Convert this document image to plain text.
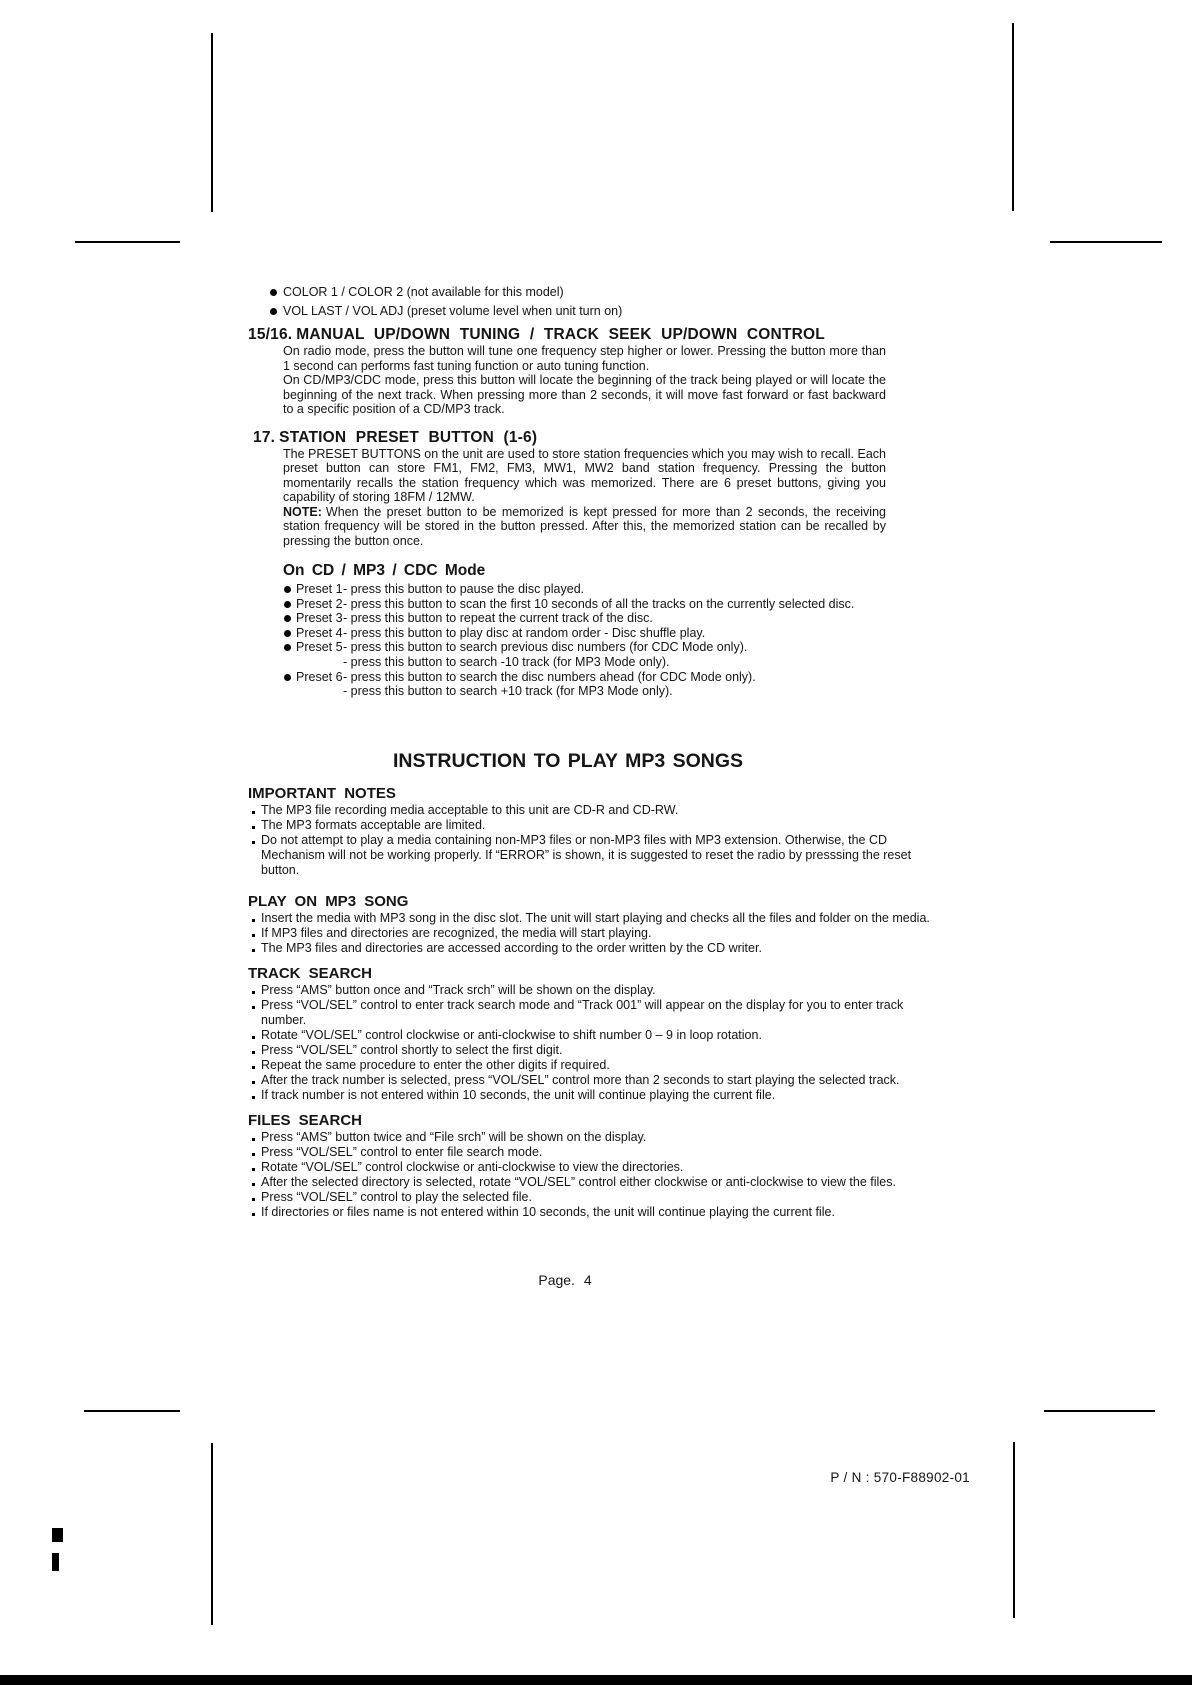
COLOR 1 / COLOR 2 (not available for this model)
VOL LAST / VOL ADJ (preset volume level when unit turn on)
15/16. MANUAL UP/DOWN TUNING / TRACK SEEK UP/DOWN CONTROL
On radio mode, press the button will tune one frequency step higher or lower. Pressing the button more than 1 second can performs fast tuning function or auto tuning function.
On CD/MP3/CDC mode, press this button will locate the beginning of the track being played or will locate the beginning of the next track. When pressing more than 2 seconds, it will move fast forward or fast backward to a specific position of a CD/MP3 track.
17. STATION PRESET BUTTON (1-6)
The PRESET BUTTONS on the unit are used to store station frequencies which you may wish to recall. Each preset button can store FM1, FM2, FM3, MW1, MW2 band station frequency. Pressing the button momentarily recalls the station frequency which was memorized. There are 6 preset buttons, giving you capability of storing 18FM / 12MW.
NOTE: When the preset button to be memorized is kept pressed for more than 2 seconds, the receiving station frequency will be stored in the button pressed. After this, the memorized station can be recalled by pressing the button once.
On CD / MP3 / CDC Mode
Preset 1 - press this button to pause the disc played.
Preset 2 - press this button to scan the first 10 seconds of all the tracks on the currently selected disc.
Preset 3 - press this button to repeat the current track of the disc.
Preset 4 - press this button to play disc at random order - Disc shuffle play.
Preset 5 - press this button to search previous disc numbers (for CDC Mode only).
- press this button to search -10 track (for MP3 Mode only).
Preset 6 - press this button to search the disc numbers ahead (for CDC Mode only).
- press this button to search +10 track (for MP3 Mode only).
INSTRUCTION TO PLAY MP3 SONGS
IMPORTANT NOTES
The MP3 file recording media acceptable to this unit are CD-R and CD-RW.
The MP3 formats acceptable are limited.
Do not attempt to play a media containing non-MP3 files or non-MP3 files with MP3 extension. Otherwise, the CD Mechanism will not be working properly. If “ERROR” is shown, it is suggested to reset the radio by presssing the reset button.
PLAY ON MP3 SONG
Insert the media with MP3 song in the disc slot. The unit will start playing and checks all the files and folder on the media.
If MP3 files and directories are recognized, the media will start playing.
The MP3 files and directories are accessed according to the order written by the CD writer.
TRACK SEARCH
Press “AMS” button once and “Track srch” will be shown on the display.
Press “VOL/SEL” control to enter track search mode and “Track 001” will appear on the display for you to enter track number.
Rotate “VOL/SEL” control clockwise or anti-clockwise to shift number 0 – 9 in loop rotation.
Press “VOL/SEL” control shortly to select the first digit.
Repeat the same procedure to enter the other digits if required.
After the track number is selected, press “VOL/SEL” control more than 2 seconds to start playing the selected track.
If track number is not entered within 10 seconds, the unit will continue playing the current file.
FILES SEARCH
Press “AMS” button twice and “File srch” will be shown on the display.
Press “VOL/SEL” control to enter file search mode.
Rotate “VOL/SEL” control clockwise or anti-clockwise to view the directories.
After the selected directory is selected, rotate “VOL/SEL” control either clockwise or anti-clockwise to view the files.
Press “VOL/SEL” control to play the selected file.
If directories or files name is not entered within 10 seconds, the unit will continue playing the current file.
Page. 4
P / N : 570-F88902-01
